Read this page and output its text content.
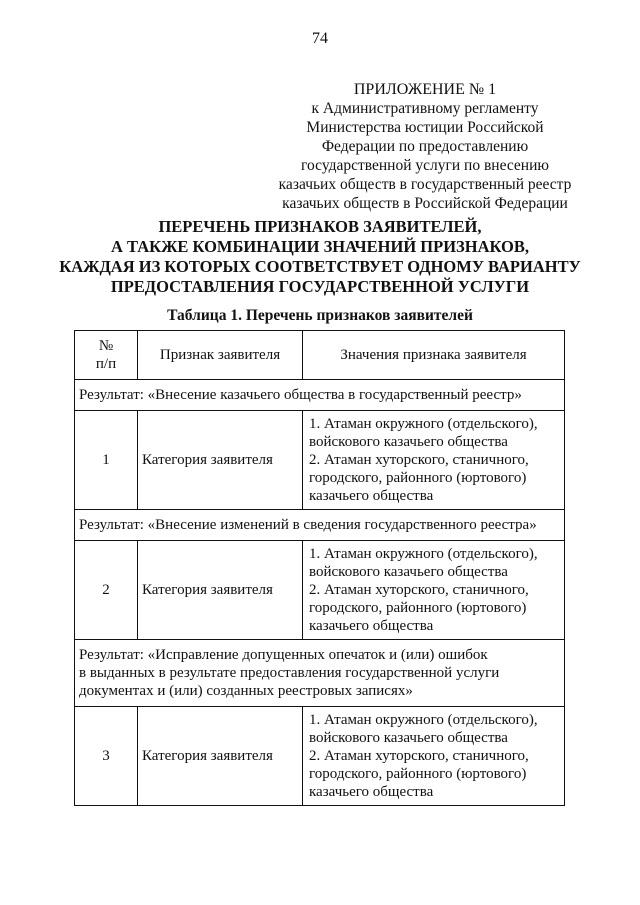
74
ПРИЛОЖЕНИЕ № 1
к Административному регламенту
Министерства юстиции Российской
Федерации по предоставлению
государственной услуги по внесению
казачьих обществ в государственный реестр
казачьих обществ в Российской Федерации
ПЕРЕЧЕНЬ ПРИЗНАКОВ ЗАЯВИТЕЛЕЙ,
А ТАКЖЕ КОМБИНАЦИИ ЗНАЧЕНИЙ ПРИЗНАКОВ,
КАЖДАЯ ИЗ КОТОРЫХ СООТВЕТСТВУЕТ ОДНОМУ ВАРИАНТУ
ПРЕДОСТАВЛЕНИЯ ГОСУДАРСТВЕННОЙ УСЛУГИ
Таблица 1. Перечень признаков заявителей
№
п/п	Признак заявителя	Значения признака заявителя

Результат: «Внесение казачьего общества в государственный реестр»		

1	Категория заявителя	1. Атаман окружного (отдельского),
войскового казачьего общества
2. Атаман хуторского, станичного,
городского, районного (юртового)
казачьего общества

Результат: «Внесение изменений в сведения государственного реестра»		

2	Категория заявителя	1. Атаман окружного (отдельского),
войскового казачьего общества
2. Атаман хуторского, станичного,
городского, районного (юртового)
казачьего общества

Результат: «Исправление допущенных опечаток и (или) ошибок
в выданных в результате предоставления государственной услуги
документах и (или) созданных реестровых записях»		

3	Категория заявителя	1. Атаман окружного (отдельского),
войскового казачьего общества
2. Атаман хуторского, станичного,
городского, районного (юртового)
казачьего общества
